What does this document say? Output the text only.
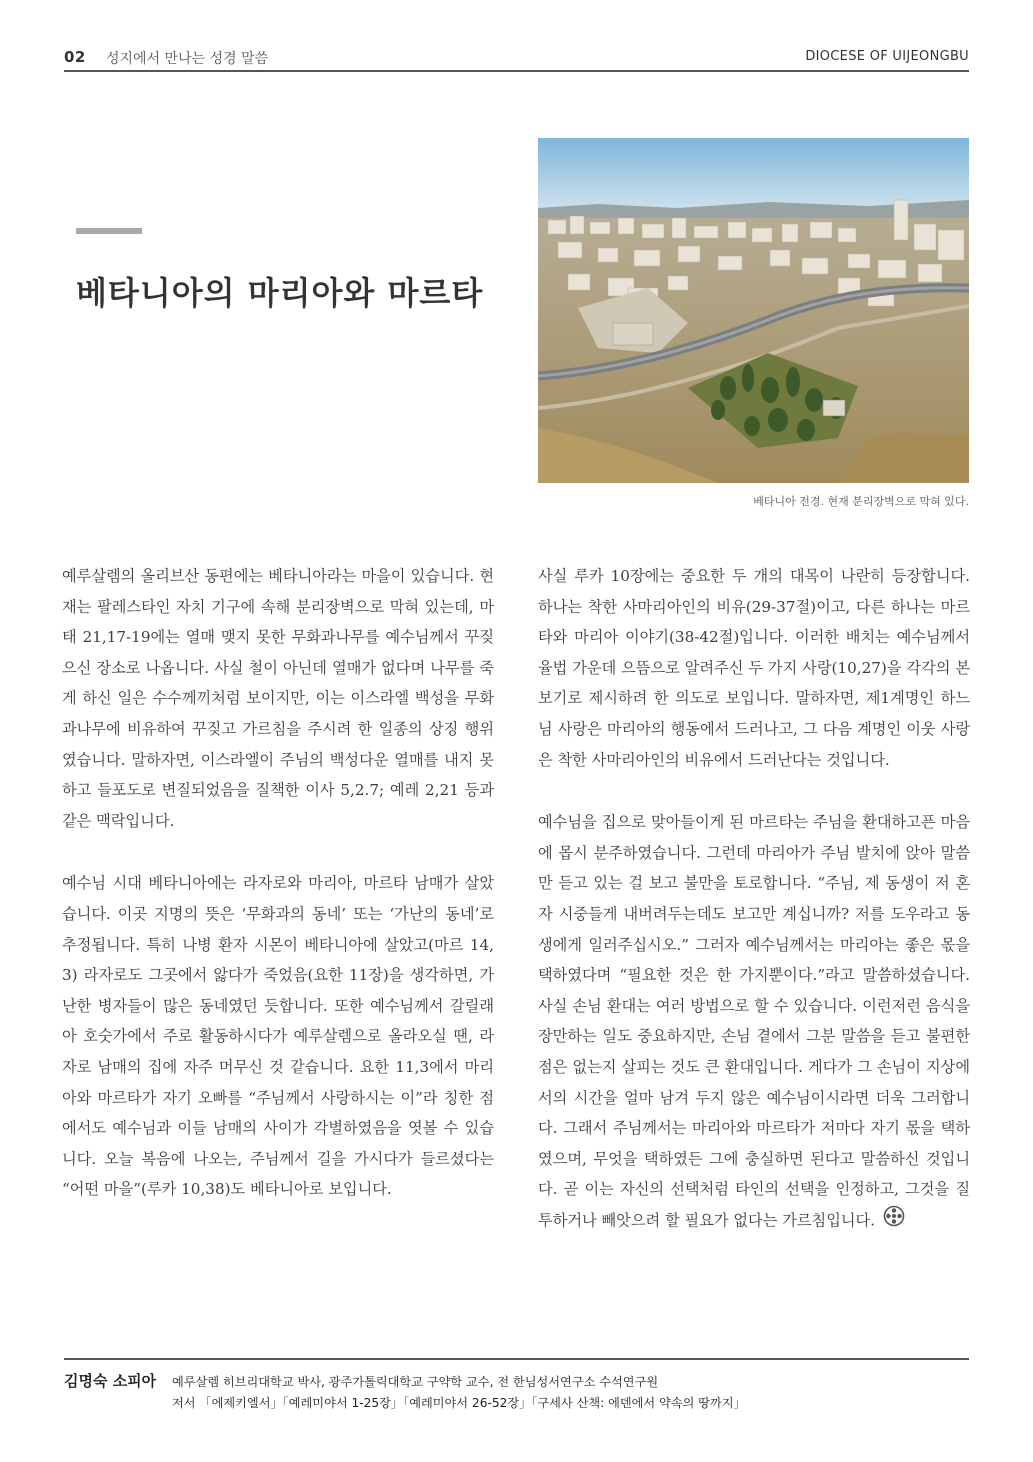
02 성지에서 만나는 성경 말씀	DIOCESE OF UIJEONGBU
베타니아의 마리아와 마르타
베타니아 전경. 현재 분리장벽으로 막혀 있다.

예루살렘의 올리브산 동편에는 베타니아라는 마을이 있습니다. 현재는 팔레스타인 자치 기구에 속해 분리장벽으로 막혀 있는데, 마태 21,17-19에는 열매 맺지 못한 무화과나무를 예수님께서 꾸짖으신 장소로 나옵니다. 사실 철이 아닌데 열매가 없다며 나무를 죽게 하신 일은 수수께끼처럼 보이지만, 이는 이스라엘 백성을 무화과나무에 비유하여 꾸짖고 가르침을 주시려 한 일종의 상징 행위였습니다. 말하자면, 이스라엘이 주님의 백성다운 열매를 내지 못하고 들포도로 변질되었음을 질책한 이사 5,2.7; 예레 2,21 등과 같은 맥락입니다.

예수님 시대 베타니아에는 라자로와 마리아, 마르타 남매가 살았습니다. 이곳 지명의 뜻은 ‘무화과의 동네’ 또는 ‘가난의 동네’로 추정됩니다. 특히 나병 환자 시몬이 베타니아에 살았고(마르 14,3) 라자로도 그곳에서 앓다가 죽었음(요한 11장)을 생각하면, 가난한 병자들이 많은 동네였던 듯합니다. 또한 예수님께서 갈릴래아 호숫가에서 주로 활동하시다가 예루살렘으로 올라오실 땐, 라자로 남매의 집에 자주 머무신 것 같습니다. 요한 11,3에서 마리아와 마르타가 자기 오빠를 “주님께서 사랑하시는 이”라 칭한 점에서도 예수님과 이들 남매의 사이가 각별하였음을 엿볼 수 있습니다. 오늘 복음에 나오는, 주님께서 길을 가시다가 들르셨다는 “어떤 마을”(루카 10,38)도 베타니아로 보입니다.

사실 루카 10장에는 중요한 두 개의 대목이 나란히 등장합니다. 하나는 착한 사마리아인의 비유(29-37절)이고, 다른 하나는 마르타와 마리아 이야기(38-42절)입니다. 이러한 배치는 예수님께서 율법 가운데 으뜸으로 알려주신 두 가지 사랑(10,27)을 각각의 본보기로 제시하려 한 의도로 보입니다. 말하자면, 제1계명인 하느님 사랑은 마리아의 행동에서 드러나고, 그 다음 계명인 이웃 사랑은 착한 사마리아인의 비유에서 드러난다는 것입니다.

예수님을 집으로 맞아들이게 된 마르타는 주님을 환대하고픈 마음에 몹시 분주하였습니다. 그런데 마리아가 주님 발치에 앉아 말씀만 듣고 있는 걸 보고 불만을 토로합니다. “주님, 제 동생이 저 혼자 시중들게 내버려두는데도 보고만 계십니까? 저를 도우라고 동생에게 일러주십시오.” 그러자 예수님께서는 마리아는 좋은 몫을 택하였다며 “필요한 것은 한 가지뿐이다.”라고 말씀하셨습니다. 사실 손님 환대는 여러 방법으로 할 수 있습니다. 이런저런 음식을 장만하는 일도 중요하지만, 손님 곁에서 그분 말씀을 듣고 불편한 점은 없는지 살피는 것도 큰 환대입니다. 게다가 그 손님이 지상에서의 시간을 얼마 남겨 두지 않은 예수님이시라면 더욱 그러합니다. 그래서 주님께서는 마리아와 마르타가 저마다 자기 몫을 택하였으며, 무엇을 택하였든 그에 충실하면 된다고 말씀하신 것입니다. 곧 이는 자신의 선택처럼 타인의 선택을 인정하고, 그것을 질투하거나 빼앗으려 할 필요가 없다는 가르침입니다.

김명숙 소피아 예루살렘 히브리대학교 박사, 광주가톨릭대학교 구약학 교수, 전 한님성서연구소 수석연구원
저서 「에제키엘서」「예레미야서 1-25장」「예레미야서 26-52장」「구세사 산책: 에덴에서 약속의 땅까지」
